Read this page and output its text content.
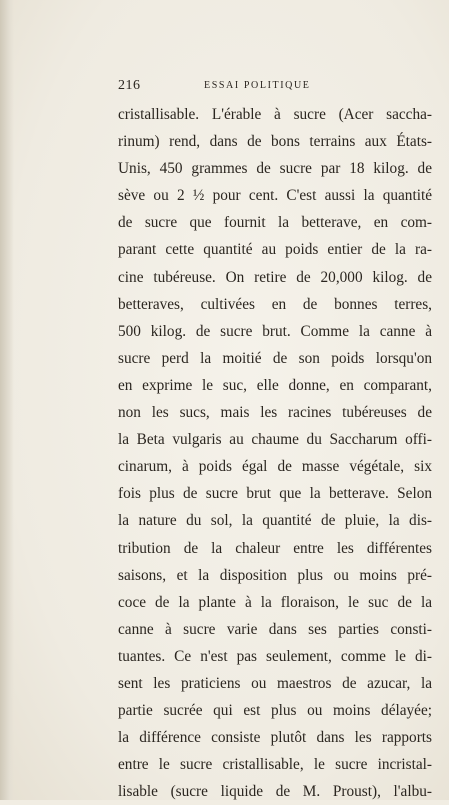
216	ESSAI POLITIQUE
cristallisable. L'érable à sucre (Acer saccha-
rinum) rend, dans de bons terrains aux États-
Unis, 450 grammes de sucre par 18 kilog. de
sève ou 2 ½ pour cent. C'est aussi la quantité
de sucre que fournit la betterave, en com-
parant cette quantité au poids entier de la ra-
cine tubéreuse. On retire de 20,000 kilog. de
betteraves, cultivées en de bonnes terres,
500 kilog. de sucre brut. Comme la canne à
sucre perd la moitié de son poids lorsqu'on
en exprime le suc, elle donne, en comparant,
non les sucs, mais les racines tubéreuses de
la Beta vulgaris au chaume du Saccharum offi-
cinarum, à poids égal de masse végétale, six
fois plus de sucre brut que la betterave. Selon
la nature du sol, la quantité de pluie, la dis-
tribution de la chaleur entre les différentes
saisons, et la disposition plus ou moins pré-
coce de la plante à la floraison, le suc de la
canne à sucre varie dans ses parties consti-
tuantes. Ce n'est pas seulement, comme le di-
sent les praticiens ou maestros de azucar, la
partie sucrée qui est plus ou moins délayée;
la différence consiste plutôt dans les rapports
entre le sucre cristallisable, le sucre incristal-
lisable (sucre liquide de M. Proust), l'albu-
